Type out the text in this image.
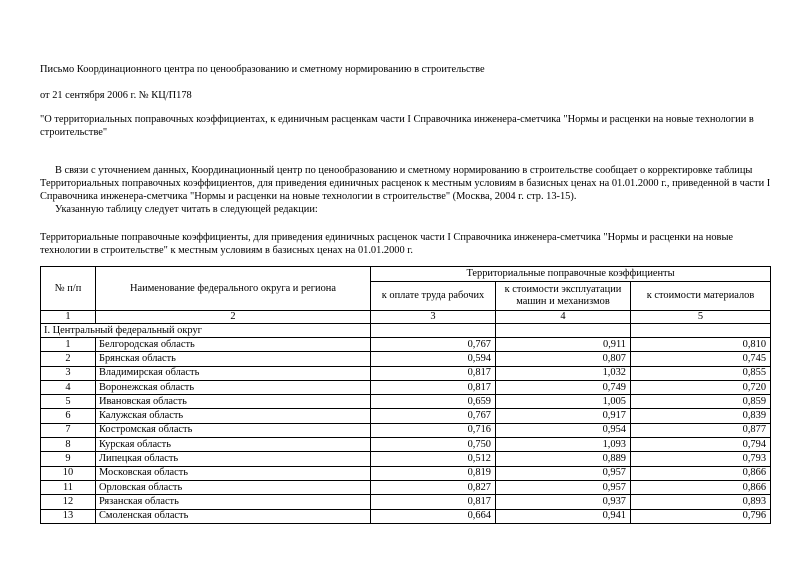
Письмо Координационного центра по ценообразованию и сметному нормированию в строительстве
от 21 сентября 2006 г. № КЦ/П178
"О территориальных поправочных коэффициентах, к единичным расценкам части I Справочника инженера-сметчика "Нормы и расценки на новые технологии в строительстве"

В связи с уточнением данных, Координационный центр по ценообразованию и сметному нормированию в строительстве сообщает о корректировке таблицы Территориальных поправочных коэффициентов, для приведения единичных расценок к местным условиям в базисных ценах на 01.01.2000 г., приведенной в части I Справочника инженера-сметчика "Нормы и расценки на новые технологии в строительстве" (Москва, 2004 г. стр. 13-15).

Указанную таблицу следует читать в следующей редакции:

Территориальные поправочные коэффициенты, для приведения единичных расценок части I Справочника инженера-сметчика "Нормы и расценки на новые технологии в строительстве" к местным условиям в базисных ценах на 01.01.2000 г.
№ п/п	Наименование федерального округа и региона	Территориальные поправочные коэффициенты		
		к оплате труда рабочих	к стоимости эксплуатации машин и механизмов	к стоимости материалов
1	2	3	4	5
I. Центральный федеральный округ				
1	Белгородская область	0,767	0,911	0,810
2	Брянская область	0,594	0,807	0,745
3	Владимирская область	0,817	1,032	0,855
4	Воронежская область	0,817	0,749	0,720
5	Ивановская область	0,659	1,005	0,859
6	Калужская область	0,767	0,917	0,839
7	Костромская область	0,716	0,954	0,877
8	Курская область	0,750	1,093	0,794
9	Липецкая область	0,512	0,889	0,793
10	Московская область	0,819	0,957	0,866
11	Орловская область	0,827	0,957	0,866
12	Рязанская область	0,817	0,937	0,893
13	Смоленская область	0,664	0,941	0,796
